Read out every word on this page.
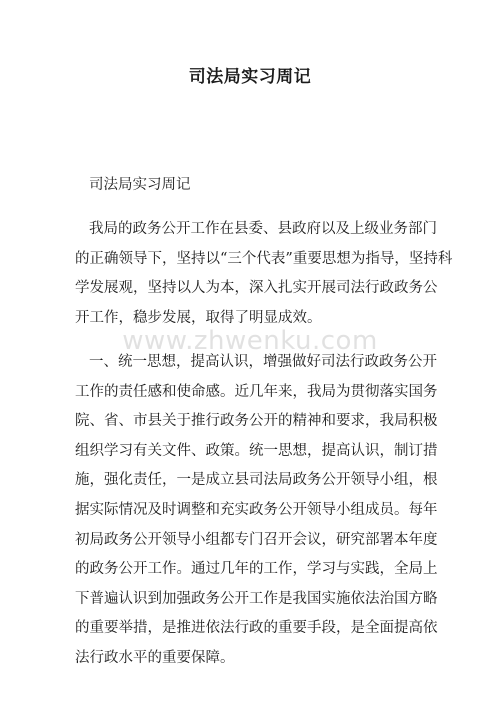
司法局实习周记
司法局实习周记
我局的政务公开工作在县委、县政府以及上级业务部门
的正确领导下，坚持以“三个代表”重要思想为指导，坚持科
学发展观，坚持以人为本，深入扎实开展司法行政政务公
开工作，稳步发展，取得了明显成效。
www.zhwenku.com
一、统一思想，提高认识，增强做好司法行政政务公开
工作的责任感和使命感。近几年来，我局为贯彻落实国务
院、省、市县关于推行政务公开的精神和要求，我局积极
组织学习有关文件、政策。统一思想，提高认识，制订措
施，强化责任，一是成立县司法局政务公开领导小组，根
据实际情况及时调整和充实政务公开领导小组成员。每年
初局政务公开领导小组都专门召开会议，研究部署本年度
的政务公开工作。通过几年的工作，学习与实践，全局上
下普遍认识到加强政务公开工作是我国实施依法治国方略
的重要举措，是推进依法行政的重要手段，是全面提高依
法行政水平的重要保障。
